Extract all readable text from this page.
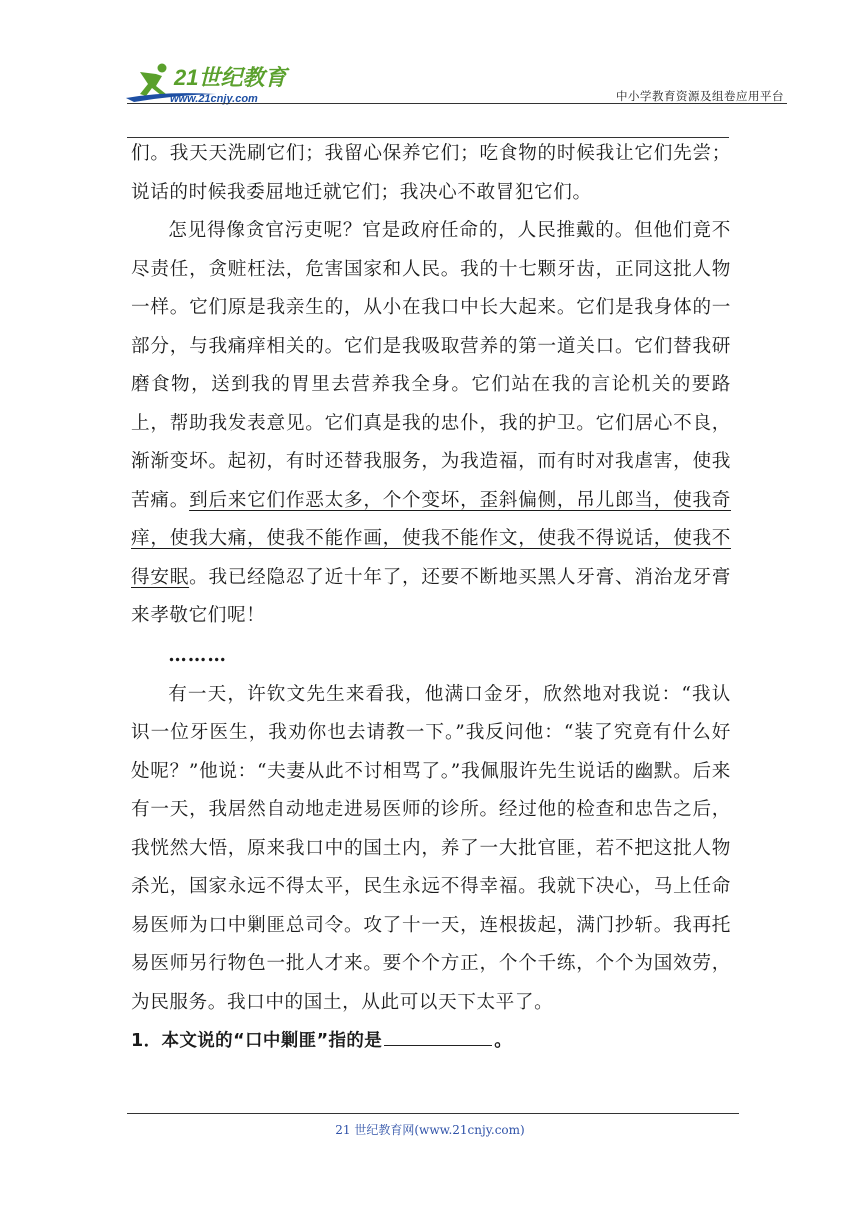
21世纪教育
www.21cnjy.com	中小学教育资源及组卷应用平台

们。我天天洗刷它们；我留心保养它们；吃食物的时候我让它们先尝；说话的时候我委屈地迁就它们；我决心不敢冒犯它们。

怎见得像贪官污吏呢？官是政府任命的，人民推戴的。但他们竟不尽责任，贪赃枉法，危害国家和人民。我的十七颗牙齿，正同这批人物一样。它们原是我亲生的，从小在我口中长大起来。它们是我身体的一部分，与我痛痒相关的。它们是我吸取营养的第一道关口。它们替我研磨食物，送到我的胃里去营养我全身。它们站在我的言论机关的要路上，帮助我发表意见。它们真是我的忠仆，我的护卫。它们居心不良，渐渐变坏。起初，有时还替我服务，为我造福，而有时对我虐害，使我苦痛。到后来它们作恶太多，个个变坏，歪斜偏侧，吊儿郎当，使我奇痒，使我大痛，使我不能作画，使我不能作文，使我不得说话，使我不得安眠。我已经隐忍了近十年了，还要不断地买黑人牙膏、消治龙牙膏来孝敬它们呢！

………

有一天，许钦文先生来看我，他满口金牙，欣然地对我说：“我认识一位牙医生，我劝你也去请教一下。”我反问他：“装了究竟有什么好处呢？”他说：“夫妻从此不讨相骂了。”我佩服许先生说话的幽默。后来有一天，我居然自动地走进易医师的诊所。经过他的检查和忠告之后，我恍然大悟，原来我口中的国土内，养了一大批官匪，若不把这批人物杀光，国家永远不得太平，民生永远不得幸福。我就下决心，马上任命易医师为口中剿匪总司令。攻了十一天，连根拔起，满门抄斩。我再托易医师另行物色一批人才来。要个个方正，个个千练，个个为国效劳，为民服务。我口中的国土，从此可以天下太平了。

1．本文说的“口中剿匪”指的是	。

21 世纪教育网(www.21cnjy.com)
